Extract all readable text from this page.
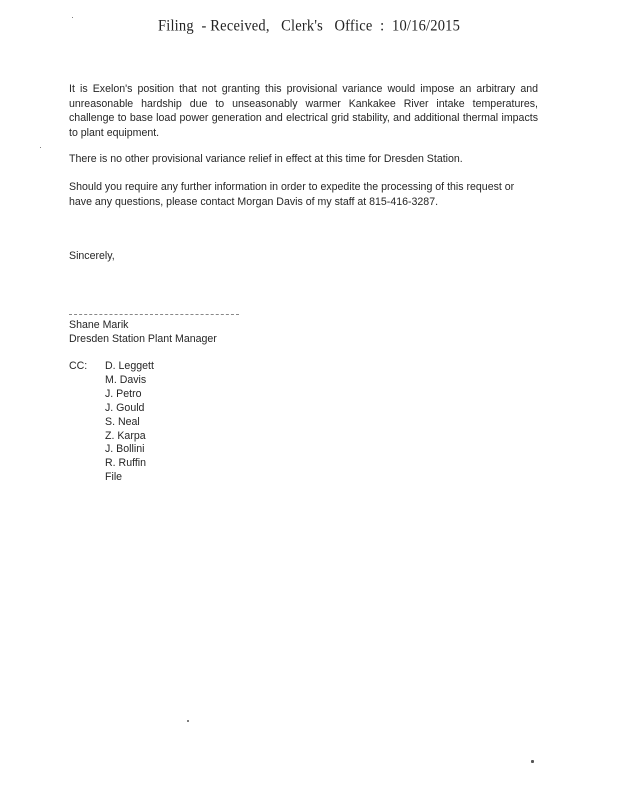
Filing  - Received,   Clerk's   Office  :  10/16/2015
It is Exelon's position that not granting this provisional variance would impose an arbitrary and unreasonable hardship due to unseasonably warmer Kankakee River intake temperatures, challenge to base load power generation and electrical grid stability, and additional thermal impacts to plant equipment.
There is no other provisional variance relief in effect at this time for Dresden Station.
Should you require any further information in order to expedite the processing of this request or have any questions, please contact Morgan Davis of my staff at 815-416-3287.
Sincerely,
Shane Marik
Dresden Station Plant Manager
CC: D. Leggett
M. Davis
J. Petro
J. Gould
S. Neal
Z. Karpa
J. Bollini
R. Ruffin
File
